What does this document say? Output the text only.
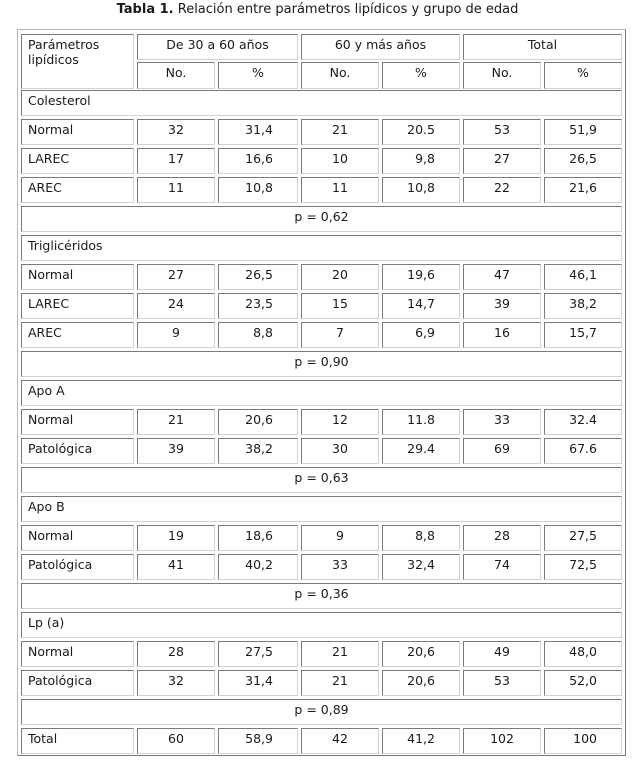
Tabla 1. Relación entre parámetros lipídicos y grupo de edad
Parámetros lipídicos
De 30 a 60 años	60 y más años	Total
No.	%	No.	%	No.	%
Colesterol
Normal	32	31,4	21	20.5	53	51,9
LAREC	17	16,6	10	9,8	27	26,5
AREC	11	10,8	11	10,8	22	21,6
p = 0,62
Triglicéridos
Normal	27	26,5	20	19,6	47	46,1
LAREC	24	23,5	15	14,7	39	38,2
AREC	9	8,8	7	6,9	16	15,7
p = 0,90
Apo A
Normal	21	20,6	12	11.8	33	32.4
Patológica	39	38,2	30	29.4	69	67.6
p = 0,63
Apo B
Normal	19	18,6	9	8,8	28	27,5
Patológica	41	40,2	33	32,4	74	72,5
p = 0,36
Lp (a)
Normal	28	27,5	21	20,6	49	48,0
Patológica	32	31,4	21	20,6	53	52,0
p = 0,89
Total	60	58,9	42	41,2	102	100
